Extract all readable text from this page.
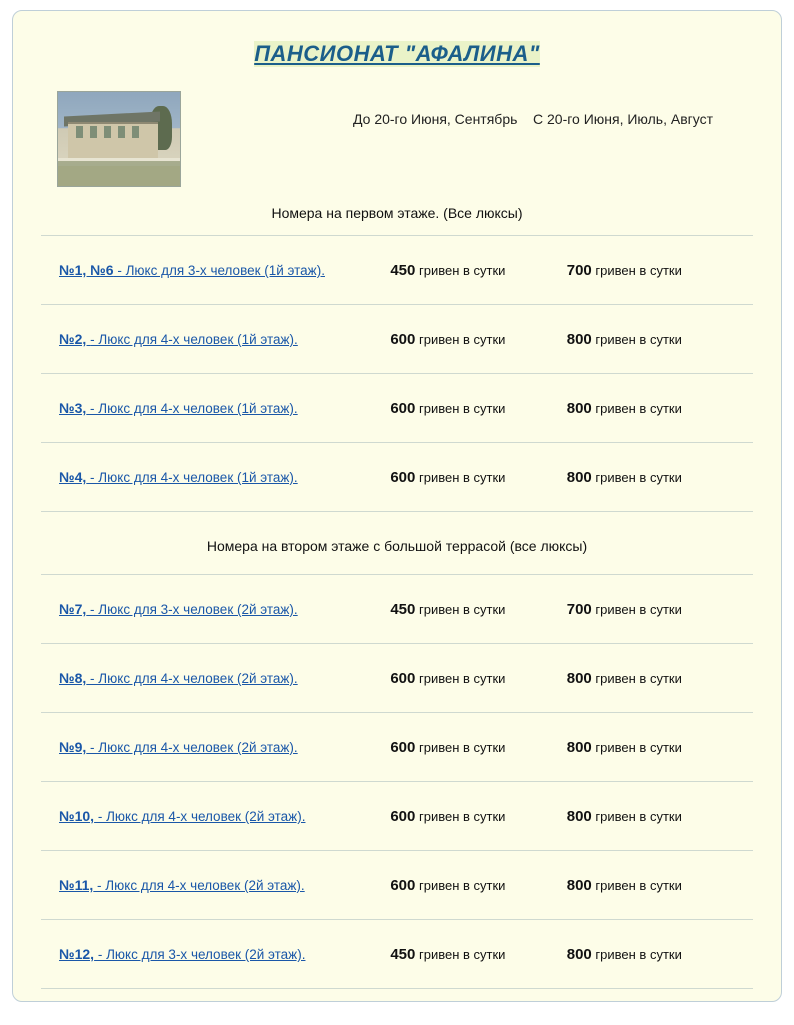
ПАНСИОНАТ "АФАЛИНА"
До 20-го Июня, Сентябрь	С 20-го Июня, Июль, Август
Номера на первом этаже. (Все люксы)
№1, №6 - Люкс для 3-х человек (1й этаж).	450 гривен в сутки	700 гривен в сутки
№2, - Люкс для 4-х человек (1й этаж).	600 гривен в сутки	800 гривен в сутки
№3, - Люкс для 4-х человек (1й этаж).	600 гривен в сутки	800 гривен в сутки
№4, - Люкс для 4-х человек (1й этаж).	600 гривен в сутки	800 гривен в сутки
Номера на втором этаже с большой террасой (все люксы)
№7, - Люкс для 3-х человек (2й этаж).	450 гривен в сутки	700 гривен в сутки
№8, - Люкс для 4-х человек (2й этаж).	600 гривен в сутки	800 гривен в сутки
№9, - Люкс для 4-х человек (2й этаж).	600 гривен в сутки	800 гривен в сутки
№10, - Люкс для 4-х человек (2й этаж).	600 гривен в сутки	800 гривен в сутки
№11, - Люкс для 4-х человек (2й этаж).	600 гривен в сутки	800 гривен в сутки
№12, - Люкс для 3-х человек (2й этаж).	450 гривен в сутки	800 гривен в сутки
